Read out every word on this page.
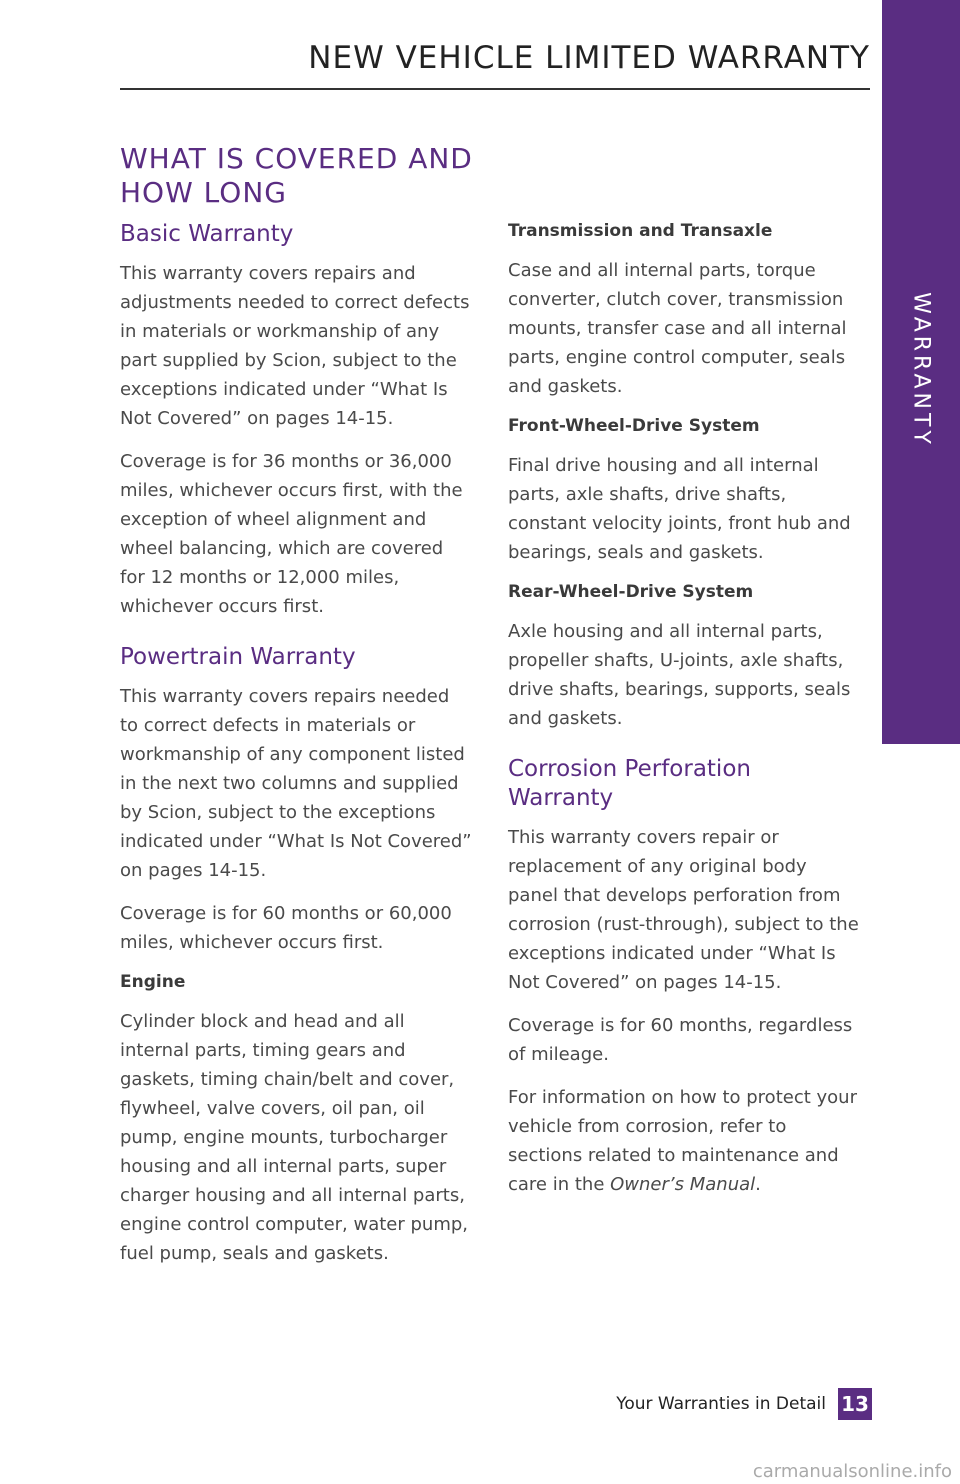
NEW VEHICLE LIMITED WARRANTY
WARRANTY
WHAT IS COVERED AND HOW LONG
Basic Warranty

This warranty covers repairs and adjustments needed to correct defects in materials or workmanship of any part supplied by Scion, subject to the exceptions indicated under “What Is Not Covered” on pages 14-15.

Coverage is for 36 months or 36,000 miles, whichever occurs first, with the exception of wheel alignment and wheel balancing, which are covered for 12 months or 12,000 miles, whichever occurs first.

Powertrain Warranty

This warranty covers repairs needed to correct defects in materials or workmanship of any component listed in the next two columns and supplied by Scion, subject to the exceptions indicated under “What Is Not Covered” on pages 14-15.

Coverage is for 60 months or 60,000 miles, whichever occurs first.

Engine

Cylinder block and head and all internal parts, timing gears and gaskets, timing chain/belt and cover, flywheel, valve covers, oil pan, oil pump, engine mounts, turbocharger housing and all internal parts, super charger housing and all internal parts, engine control computer, water pump, fuel pump, seals and gaskets.

Transmission and Transaxle

Case and all internal parts, torque converter, clutch cover, transmission mounts, transfer case and all internal parts, engine control computer, seals and gaskets.

Front-Wheel-Drive System

Final drive housing and all internal parts, axle shafts, drive shafts, constant velocity joints, front hub and bearings, seals and gaskets.

Rear-Wheel-Drive System

Axle housing and all internal parts, propeller shafts, U-joints, axle shafts, drive shafts, bearings, supports, seals and gaskets.

Corrosion Perforation Warranty

This warranty covers repair or replacement of any original body panel that develops perforation from corrosion (rust-through), subject to the exceptions indicated under “What Is Not Covered” on pages 14-15.

Coverage is for 60 months, regardless of mileage.

For information on how to protect your vehicle from corrosion, refer to sections related to maintenance and care in the Owner’s Manual.

Your Warranties in Detail 13
carmanualsonline.info
